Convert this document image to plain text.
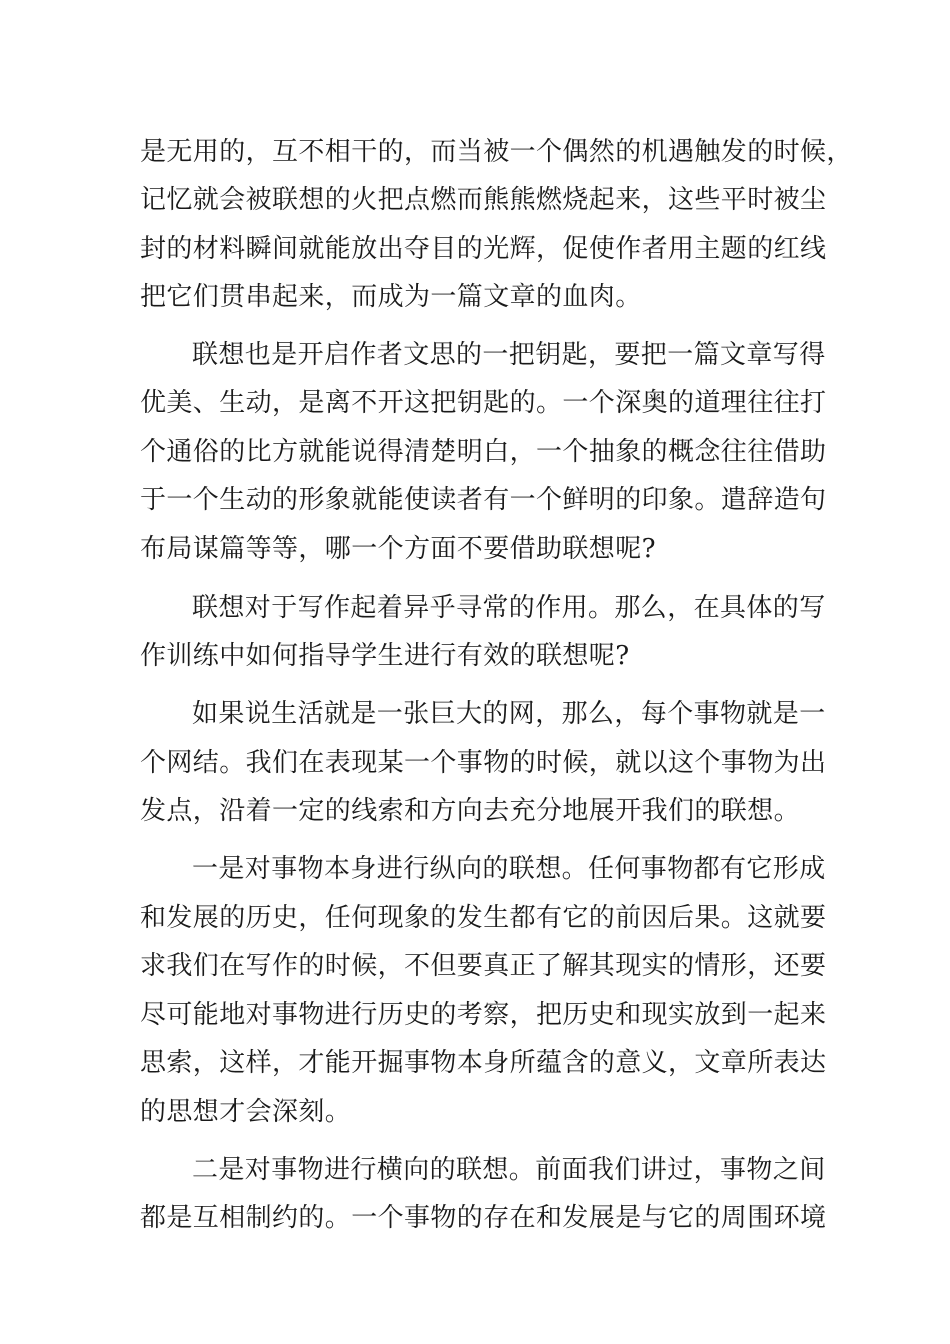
是无用的，互不相干的，而当被一个偶然的机遇触发的时候，
记忆就会被联想的火把点燃而熊熊燃烧起来，这些平时被尘
封的材料瞬间就能放出夺目的光辉，促使作者用主题的红线
把它们贯串起来，而成为一篇文章的血肉。
联想也是开启作者文思的一把钥匙，要把一篇文章写得
优美、生动，是离不开这把钥匙的。一个深奥的道理往往打
个通俗的比方就能说得清楚明白，一个抽象的概念往往借助
于一个生动的形象就能使读者有一个鲜明的印象。遣辞造句
布局谋篇等等，哪一个方面不要借助联想呢?
联想对于写作起着异乎寻常的作用。那么，在具体的写
作训练中如何指导学生进行有效的联想呢?
如果说生活就是一张巨大的网，那么，每个事物就是一
个网结。我们在表现某一个事物的时候，就以这个事物为出
发点，沿着一定的线索和方向去充分地展开我们的联想。
一是对事物本身进行纵向的联想。任何事物都有它形成
和发展的历史，任何现象的发生都有它的前因后果。这就要
求我们在写作的时候，不但要真正了解其现实的情形，还要
尽可能地对事物进行历史的考察，把历史和现实放到一起来
思索，这样，才能开掘事物本身所蕴含的意义，文章所表达
的思想才会深刻。
二是对事物进行横向的联想。前面我们讲过，事物之间
都是互相制约的。一个事物的存在和发展是与它的周围环境
